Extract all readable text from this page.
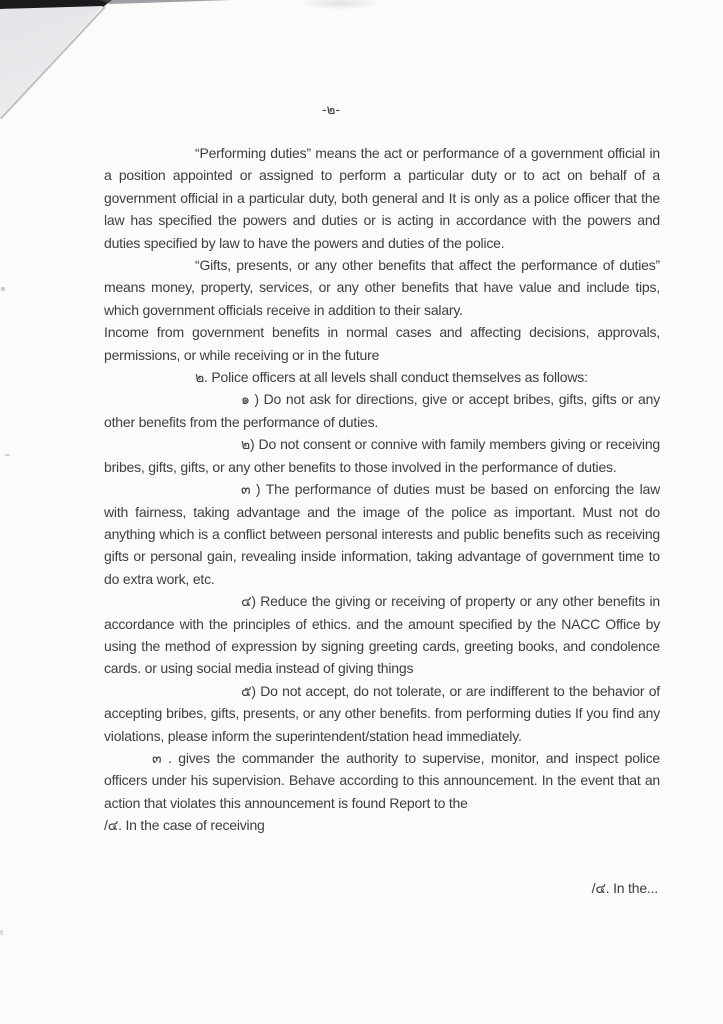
-๒-

“Performing duties” means the act or performance of a government official in a position appointed or assigned to perform a particular duty or to act on behalf of a government official in a particular duty, both general and It is only as a police officer that the law has specified the powers and duties or is acting in accordance with the powers and duties specified by law to have the powers and duties of the police.

“Gifts, presents, or any other benefits that affect the performance of duties” means money, property, services, or any other benefits that have value and include tips, which government officials receive in addition to their salary.

Income from government benefits in normal cases and affecting decisions, approvals, permissions, or while receiving or in the future

๒. Police officers at all levels shall conduct themselves as follows:

๑ ) Do not ask for directions, give or accept bribes, gifts, gifts or any other benefits from the performance of duties.

๒) Do not consent or connive with family members giving or receiving bribes, gifts, gifts, or any other benefits to those involved in the performance of duties.

๓ ) The performance of duties must be based on enforcing the law with fairness, taking advantage and the image of the police as important. Must not do anything which is a conflict between personal interests and public benefits such as receiving gifts or personal gain, revealing inside information, taking advantage of government time to do extra work, etc.

๔) Reduce the giving or receiving of property or any other benefits in accordance with the principles of ethics. and the amount specified by the NACC Office by using the method of expression by signing greeting cards, greeting books, and condolence cards. or using social media instead of giving things

๕) Do not accept, do not tolerate, or are indifferent to the behavior of accepting bribes, gifts, presents, or any other benefits. from performing duties If you find any violations, please inform the superintendent/station head immediately.

๓ . gives the commander the authority to supervise, monitor, and inspect police officers under his supervision. Behave according to this announcement. In the event that an action that violates this announcement is found Report to the

/๔. In the case of receiving

/๔. In the...
